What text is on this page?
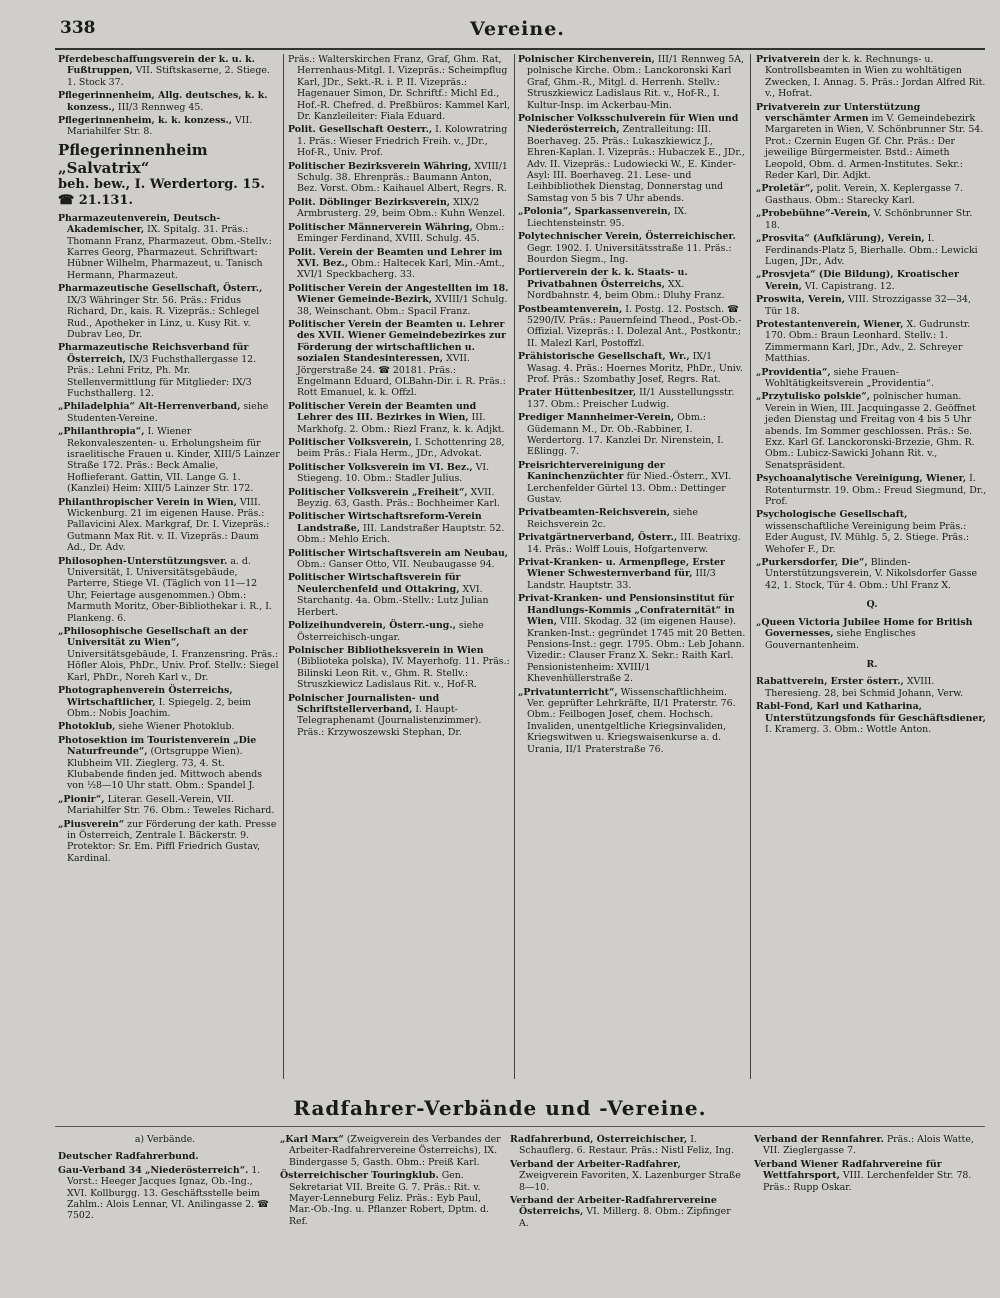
338	Vereine.

Pferdebeschaffungsverein der k. u. k. Fußtruppen, VII. Stiftskaserne, 2. Stiege. 1. Stock 37.

Pflegerinnenheim, Allg. deutsches, k. k. konzess., III/3 Rennweg 45.

Pflegerinnenheim, k. k. konzess., VII. Mariahilfer Str. 8.

Pflegerinnenheim „Salvatrix“

beh. bew., I. Werdertorg. 15. ☎ 21.131.

Pharmazeutenverein, Deutsch-Akademischer, IX. Spitalg. 31. Präs.: Thomann Franz, Pharmazeut. Obm.-Stellv.: Karres Georg, Pharmazeut. Schriftwart: Hübner Wilhelm, Pharmazeut, u. Tanisch Hermann, Pharmazeut.

Pharmazeutische Gesellschaft, Österr., IX/3 Währinger Str. 56. Präs.: Fridus Richard, Dr., kais. R. Vizepräs.: Schlegel Rud., Apotheker in Linz, u. Kusy Rit. v. Dubrav Leo, Dr.

Pharmazeutische Reichsverband für Österreich, IX/3 Fuchsthallergasse 12. Präs.: Lehni Fritz, Ph. Mr. Stellenvermittlung für Mitglieder: IX/3 Fuchsthallerg. 12.

„Philadelphia“ Alt-Herrenverband, siehe Studenten-Vereine.

„Philanthropia“, I. Wiener Rekonvaleszenten- u. Erholungsheim für israelitische Frauen u. Kinder, XIII/5 Lainzer Straße 172. Präs.: Beck Amalie, Hoflieferant. Gattin, VII. Lange G. 1. (Kanzlei) Heim: XIII/5 Lainzer Str. 172.

Philanthropischer Verein in Wien, VIII. Wickenburg. 21 im eigenen Hause. Präs.: Pallavicini Alex. Markgraf, Dr. I. Vizepräs.: Gutmann Max Rit. v. II. Vizepräs.: Daum Ad., Dr. Adv.

Philosophen-Unterstützungsver. a. d. Universität, I. Universitätsgebäude, Parterre, Stiege VI. (Täglich von 11—12 Uhr, Feiertage ausgenommen.) Obm.: Marmuth Moritz, Ober-Bibliothekar i. R., I. Plankeng. 6.

„Philosophische Gesellschaft an der Universität zu Wien“, Universitätsgebäude, I. Franzensring. Präs.: Höfler Alois, PhDr., Univ. Prof. Stellv.: Siegel Karl, PhDr., Noreh Karl v., Dr.

Photographenverein Österreichs, Wirtschaftlicher, I. Spiegelg. 2, beim Obm.: Nobis Joachim.

Photoklub, siehe Wiener Photoklub.

Photosektion im Touristenverein „Die Naturfreunde“, (Ortsgruppe Wien). Klubheim VII. Zieglerg. 73, 4. St. Klubabende finden jed. Mittwoch abends von ½8—10 Uhr statt. Obm.: Spandel J.

„Pionir“, Literar. Gesell.-Verein, VII. Mariahilfer Str. 76. Obm.: Teweles Richard.

„Piusverein“ zur Förderung der kath. Presse in Österreich, Zentrale I. Bäckerstr. 9. Protektor: Sr. Em. Piffl Friedrich Gustav, Kardinal.

Präs.: Walterskirchen Franz, Graf, Ghm. Rat, Herrenhaus-Mitgl. I. Vizepräs.: Scheimpflug Karl, JDr., Sekt.-R. i. P. II. Vizepräs.: Hagenauer Simon, Dr. Schriftf.: Michl Ed., Hof.-R. Chefred. d. Preßbüros: Kammel Karl, Dr. Kanzleileiter: Fiala Eduard.

Polit. Gesellschaft Oesterr., I. Kolowratring 1. Präs.: Wieser Friedrich Freih. v., JDr., Hof-R., Univ. Prof.

Politischer Bezirksverein Währing, XVIII/1 Schulg. 38. Ehrenpräs.: Baumann Anton, Bez. Vorst. Obm.: Kaihauel Albert, Regrs. R.

Polit. Döblinger Bezirksverein, XIX/2 Armbrusterg. 29, beim Obm.: Kuhn Wenzel.

Politischer Männerverein Währing, Obm.: Eminger Ferdinand, XVIII. Schulg. 45.

Polit. Verein der Beamten und Lehrer im XVI. Bez., Obm.: Haltecek Karl, Min.-Amt., XVI/1 Speckbacherg. 33.

Politischer Verein der Angestellten im 18. Wiener Gemeinde-Bezirk, XVIII/1 Schulg. 38, Weinschant. Obm.: Spacil Franz.

Politischer Verein der Beamten u. Lehrer des XVII. Wiener Gemeindebezirkes zur Förderung der wirtschaftlichen u. sozialen Standesinteressen, XVII. Jörgerstraße 24. ☎ 20181. Präs.: Engelmann Eduard, OLBahn-Dir. i. R. Präs.: Rott Emanuel, k. k. Offzl.

Politischer Verein der Beamten und Lehrer des III. Bezirkes in Wien, III. Markhofg. 2. Obm.: Riezl Franz, k. k. Adjkt.

Politischer Volksverein, I. Schottenring 28, beim Präs.: Fiala Herm., JDr., Advokat.

Politischer Volksverein im VI. Bez., VI. Stiegeng. 10. Obm.: Stadler Julius.

Politischer Volksverein „Freiheit“, XVII. Beyzig. 63, Gasth. Präs.: Bochheimer Karl.

Politischer Wirtschaftsreform-Verein Landstraße, III. Landstraßer Hauptstr. 52. Obm.: Mehlo Erich.

Politischer Wirtschaftsverein am Neubau, Obm.: Ganser Otto, VII. Neubaugasse 94.

Politischer Wirtschaftsverein für Neulerchenfeld und Ottakring, XVI. Starchantg. 4a. Obm.-Stellv.: Lutz Julian Herbert.

Polizeihundverein, Österr.-ung., siehe Österreichisch-ungar.

Polnischer Bibliotheksverein in Wien (Biblioteka polska), IV. Mayerhofg. 11. Präs.: Bilinski Leon Rit. v., Ghm. R. Stellv.: Struszkiewicz Ladislaus Rit. v., Hof-R.

Polnischer Journalisten- und Schriftstellerverband, I. Haupt-Telegraphenamt (Journalistenzimmer). Präs.: Krzywoszewski Stephan, Dr.

Polnischer Kirchenverein, III/1 Rennweg 5A, polnische Kirche. Obm.: Lanckoronski Karl Graf, Ghm.-R., Mitgl. d. Herrenh. Stellv.: Struszkiewicz Ladislaus Rit. v., Hof-R., I. Kultur-Insp. im Ackerbau-Min.

Polnischer Volksschulverein für Wien und Niederösterreich, Zentralleitung: III. Boerhaveg. 25. Präs.: Lukaszkiewicz J., Ehren-Kaplan. I. Vizepräs.: Hubaczek E., JDr., Adv. II. Vizepräs.: Ludowiecki W., E. Kinder-Asyl: III. Boerhaveg. 21. Lese- und Leihbibliothek Dienstag, Donnerstag und Samstag von 5 bis 7 Uhr abends.

„Polonia“, Sparkassenverein, IX. Liechtensteinstr. 95.

Polytechnischer Verein, Österreichischer. Gegr. 1902. I. Universitätsstraße 11. Präs.: Bourdon Siegm., Ing.

Portierverein der k. k. Staats- u. Privatbahnen Österreichs, XX. Nordbahnstr. 4, beim Obm.: Dluhy Franz.

Postbeamtenverein, I. Postg. 12. Postsch. ☎ 5290/IV. Präs.: Pauernfeind Theod., Post-Ob.-Offizial. Vizepräs.: I. Dolezal Ant., Postkontr.; II. Malezl Karl, Postoffzl.

Prähistorische Gesellschaft, Wr., IX/1 Wasag. 4. Präs.: Hoernes Moritz, PhDr., Univ. Prof. Präs.: Szombathy Josef, Regrs. Rat.

Prater Hüttenbesitzer, II/1 Ausstellungsstr. 137. Obm.: Preischer Ludwig.

Prediger Mannheimer-Verein, Obm.: Güdemann M., Dr. Ob.-Rabbiner, I. Werdertorg. 17. Kanzlei Dr. Nirenstein, I. Eßlingg. 7.

Preisrichtervereinigung der Kaninchenzüchter für Nied.-Österr., XVI. Lerchenfelder Gürtel 13. Obm.: Dettinger Gustav.

Privatbeamten-Reichsverein, siehe Reichsverein 2c.

Privatgärtnerverband, Österr., III. Beatrixg. 14. Präs.: Wolff Louis, Hofgartenverw.

Privat-Kranken- u. Armenpflege, Erster Wiener Schwesternverband für, III/3 Landstr. Hauptstr. 33.

Privat-Kranken- und Pensionsinstitut für Handlungs-Kommis „Confraternität“ in Wien, VIII. Skodag. 32 (im eigenen Hause). Kranken-Inst.: gegründet 1745 mit 20 Betten. Pensions-Inst.: gegr. 1795. Obm.: Leb Johann. Vizedir.: Clauser Franz X. Sekr.: Raith Karl. Pensionistenheim: XVIII/1 Khevenhüllerstraße 2.

„Privatunterricht“, Wissenschaftlichheim. Ver. geprüfter Lehrkräfte, II/1 Praterstr. 76. Obm.: Feilbogen Josef, chem. Hochsch. Invaliden, unentgeltliche Kriegsinvaliden, Kriegswitwen u. Kriegswaisenkurse a. d. Urania, II/1 Praterstraße 76.

Privatverein der k. k. Rechnungs- u. Kontrollsbeamten in Wien zu wohltätigen Zwecken, I. Annag. 5. Präs.: Jordan Alfred Rit. v., Hofrat.

Privatverein zur Unterstützung verschämter Armen im V. Gemeindebezirk Margareten in Wien, V. Schönbrunner Str. 54. Prot.: Czernin Eugen Gf. Chr. Präs.: Der jeweilige Bürgermeister. Bstd.: Aimeth Leopold, Obm. d. Armen-Institutes. Sekr.: Reder Karl, Dir. Adjkt.

„Proletär“, polit. Verein, X. Keplergasse 7. Gasthaus. Obm.: Starecky Karl.

„Probebühne“-Verein, V. Schönbrunner Str. 18.

„Prosvita“ (Aufklärung), Verein, I. Ferdinands-Platz 5, Bierhalle. Obm.: Lewicki Lugen, JDr., Adv.

„Prosvjeta“ (Die Bildung), Kroatischer Verein, VI. Capistrang. 12.

Proswita, Verein, VIII. Strozzigasse 32—34, Tür 18.

Protestantenverein, Wiener, X. Gudrunstr. 170. Obm.: Braun Leonhard. Stellv.: 1. Zimmermann Karl, JDr., Adv., 2. Schreyer Matthias.

„Providentia“, siehe Frauen-Wohltätigkeitsverein „Providentia“.

„Przytulisko polskie“, polnischer human. Verein in Wien, III. Jacquingasse 2. Geöffnet jeden Dienstag und Freitag von 4 bis 5 Uhr abends. Im Sommer geschlossen. Präs.: Se. Exz. Karl Gf. Lanckoronski-Brzezie, Ghm. R. Obm.: Lubicz-Sawicki Johann Rit. v., Senatspräsident.

Psychoanalytische Vereinigung, Wiener, I. Rotenturmstr. 19. Obm.: Freud Siegmund, Dr., Prof.

Psychologische Gesellschaft, wissenschaftliche Vereinigung beim Präs.: Eder August, IV. Mühlg. 5, 2. Stiege. Präs.: Wehofer F., Dr.

„Purkersdorfer, Die“, Blinden-Unterstützungsverein, V. Nikolsdorfer Gasse 42, 1. Stock, Tür 4. Obm.: Uhl Franz X.

Q.

„Queen Victoria Jubilee Home for British Governesses, siehe Englisches Gouvernantenheim.

R.

Rabattverein, Erster österr., XVIII. Theresieng. 28, bei Schmid Johann, Verw.

Rabl-Fond, Karl und Katharina, Unterstützungsfonds für Geschäftsdiener, I. Kramerg. 3. Obm.: Wottle Anton.

Radfahrer-Verbände und -Vereine.

a) Verbände.

Deutscher Radfahrerbund.

Gau-Verband 34 „Niederösterreich“. 1. Vorst.: Heeger Jacques Ignaz, Ob.-Ing., XVI. Kollburgg. 13. Geschäftsstelle beim Zahlm.: Alois Lennar, VI. Anilingasse 2. ☎ 7502.

„Karl Marx“ (Zweigverein des Verbandes der Arbeiter-Radfahrervereine Österreichs), IX. Bindergasse 5, Gasth. Obm.: Preiß Karl.

Österreichischer Touringklub. Gen. Sekretariat VII. Breite G. 7. Präs.: Rit. v. Mayer-Lenneburg Feliz. Präs.: Eyb Paul, Mar.-Ob.-Ing. u. Pflanzer Robert, Dptm. d. Ref.

Radfahrerbund, Österreichischer, I. Schauflerg. 6. Restaur. Präs.: Nistl Feliz, Ing.

Verband der Arbeiter-Radfahrer, Zweigverein Favoriten, X. Lazenburger Straße 8—10.

Verband der Arbeiter-Radfahrervereine Österreichs, VI. Millerg. 8. Obm.: Zipfinger A.

Verband der Rennfahrer. Präs.: Alois Watte, VII. Zieglergasse 7.

Verband Wiener Radfahrvereine für Wettfahrsport, VIII. Lerchenfelder Str. 78. Präs.: Rupp Oskar.
